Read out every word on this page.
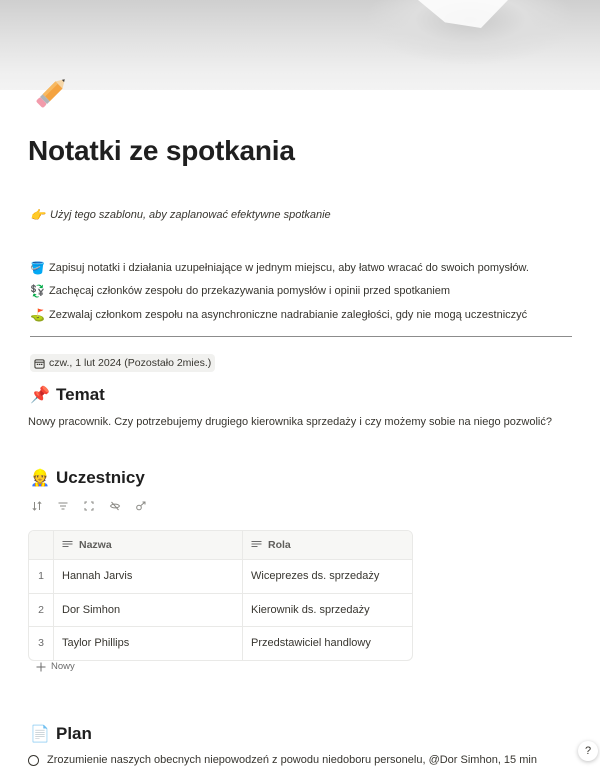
Notatki ze spotkania
👉 Użyj tego szablonu, aby zaplanować efektywne spotkanie
🪣 Zapisuj notatki i działania uzupełniające w jednym miejscu, aby łatwo wracać do swoich pomysłów.
💱 Zachęcaj członków zespołu do przekazywania pomysłów i opinii przed spotkaniem
⛳ Zezwalaj członkom zespołu na asynchroniczne nadrabianie zaległości, gdy nie mogą uczestniczyć
czw., 1 lut 2024 (Pozostało 2mies.)
📌 Temat
Nowy pracownik. Czy potrzebujemy drugiego kierownika sprzedaży i czy możemy sobie na niego pozwolić?
👷 Uczestnicy
Nazwa	Rola
1	Hannah Jarvis	Wiceprezes ds. sprzedaży
2	Dor Simhon	Kierownik ds. sprzedaży
3	Taylor Phillips	Przedstawiciel handlowy
Nowy
📄 Plan
Zrozumienie naszych obecnych niepowodzeń z powodu niedoboru personelu, @Dor Simhon, 15 min
?
